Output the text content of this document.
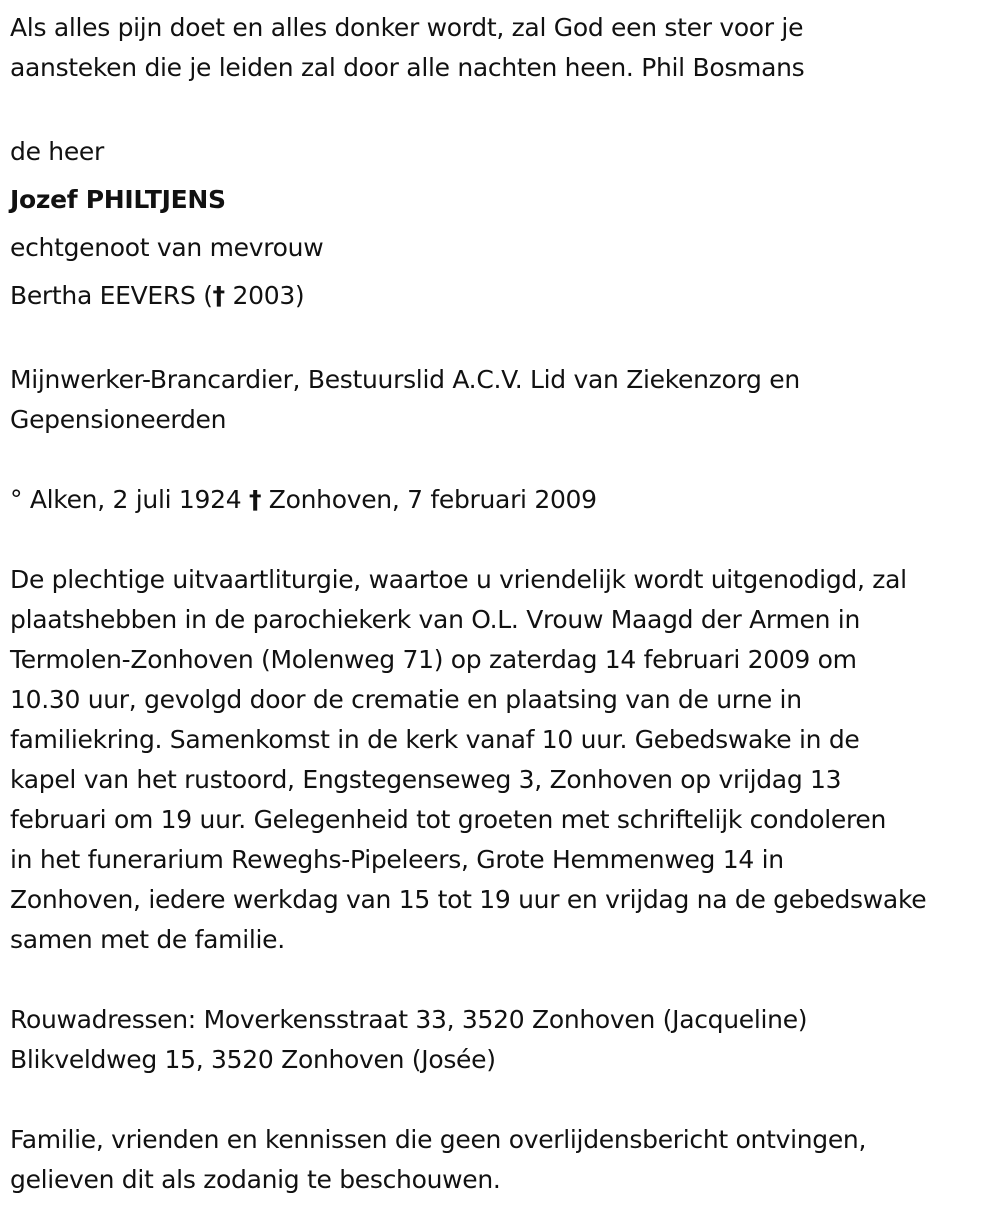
Als alles pijn doet en alles donker wordt, zal God een ster voor je
aansteken die je leiden zal door alle nachten heen. Phil Bosmans
de heer
Jozef PHILTJENS
echtgenoot van mevrouw
Bertha EEVERS († 2003)
Mijnwerker-Brancardier, Bestuurslid A.C.V. Lid van Ziekenzorg en
Gepensioneerden
° Alken, 2 juli 1924 † Zonhoven, 7 februari 2009
De plechtige uitvaartliturgie, waartoe u vriendelijk wordt uitgenodigd, zal
plaatshebben in de parochiekerk van O.L. Vrouw Maagd der Armen in
Termolen-Zonhoven (Molenweg 71) op zaterdag 14 februari 2009 om
10.30 uur, gevolgd door de crematie en plaatsing van de urne in
familiekring. Samenkomst in de kerk vanaf 10 uur. Gebedswake in de
kapel van het rustoord, Engstegenseweg 3, Zonhoven op vrijdag 13
februari om 19 uur. Gelegenheid tot groeten met schriftelijk condoleren
in het funerarium Reweghs-Pipeleers, Grote Hemmenweg 14 in
Zonhoven, iedere werkdag van 15 tot 19 uur en vrijdag na de gebedswake
samen met de familie.
Rouwadressen: Moverkensstraat 33, 3520 Zonhoven (Jacqueline)
Blikveldweg 15, 3520 Zonhoven (Josée)
Familie, vrienden en kennissen die geen overlijdensbericht ontvingen,
gelieven dit als zodanig te beschouwen.
